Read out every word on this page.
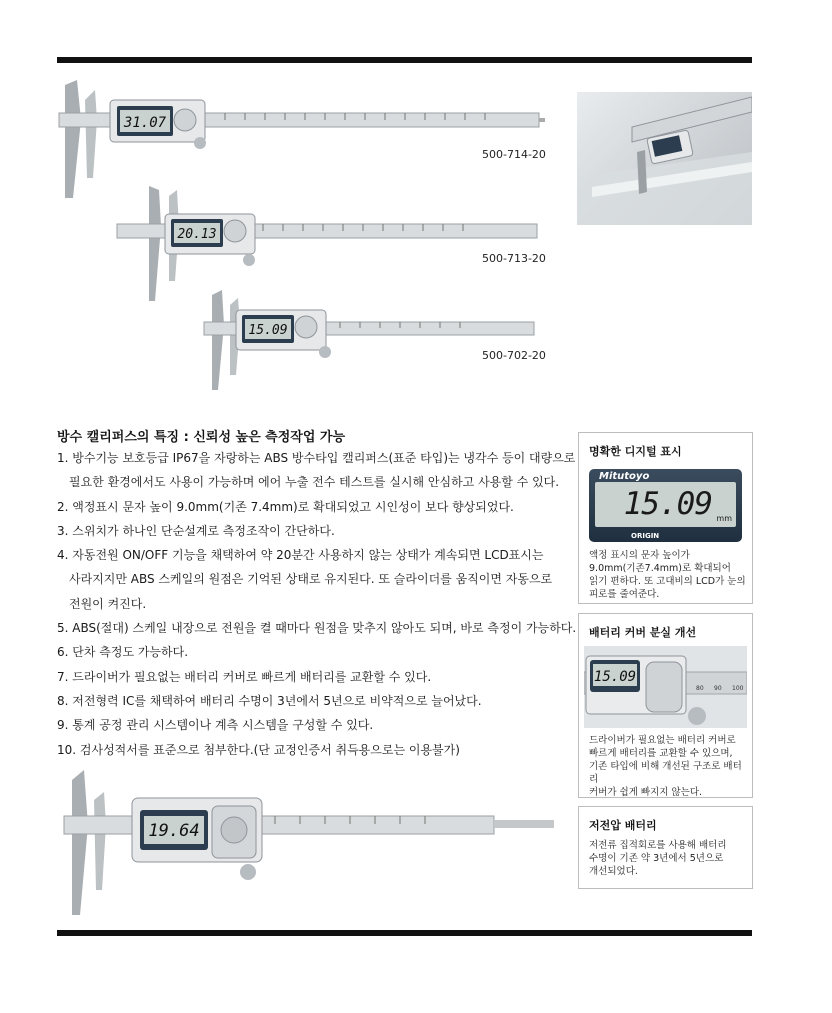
31.07
500-714-20
20.13
500-713-20
15.09
500-702-20
방수 캘리퍼스의 특징 : 신뢰성 높은 측정작업 가능
1. 방수기능 보호등급 IP67을 자랑하는 ABS 방수타입 캘리퍼스(표준 타입)는 냉각수 등이 대량으로
필요한 환경에서도 사용이 가능하며 에어 누출 전수 테스트를 실시해 안심하고 사용할 수 있다.
2. 액정표시 문자 높이 9.0mm(기존 7.4mm)로 확대되었고 시인성이 보다 향상되었다.
3. 스위치가 하나인 단순설계로 측정조작이 간단하다.
4. 자동전원 ON/OFF 기능을 채택하여 약 20분간 사용하지 않는 상태가 계속되면 LCD표시는
사라지지만 ABS 스케일의 원점은 기억된 상태로 유지된다. 또 슬라이더를 움직이면 자동으로
전원이 켜진다.
5. ABS(절대) 스케일 내장으로 전원을 켤 때마다 원점을 맞추지 않아도 되며, 바로 측정이 가능하다.
6. 단차 측정도 가능하다.
7. 드라이버가 필요없는 배터리 커버로 빠르게 배터리를 교환할 수 있다.
8. 저전형력 IC를 채택하여 배터리 수명이 3년에서 5년으로 비약적으로 늘어났다.
9. 통계 공정 관리 시스템이나 계측 시스템을 구성할 수 있다.
10. 검사성적서를 표준으로 첨부한다.(단 교정인증서 취득용으로는 이용불가)
명확한 디지털 표시
Mitutoyo
15.09 mm
ORIGIN
액정 표시의 문자 높이가
9.0mm(기존7.4mm)로 확대되어
읽기 편하다. 또 고대비의 LCD가 눈의
피로를 줄여준다.
배터리 커버 분실 개선
15.09
80 90 100
드라이버가 필요없는 배터리 커버로
빠르게 배터리를 교환할 수 있으며,
기존 타입에 비해 개선된 구조로 배터리
커버가 쉽게 빠지지 않는다.
저전압 배터리
저전류 집적회로를 사용해 배터리
수명이 기존 약 3년에서 5년으로
개선되었다.
19.64
